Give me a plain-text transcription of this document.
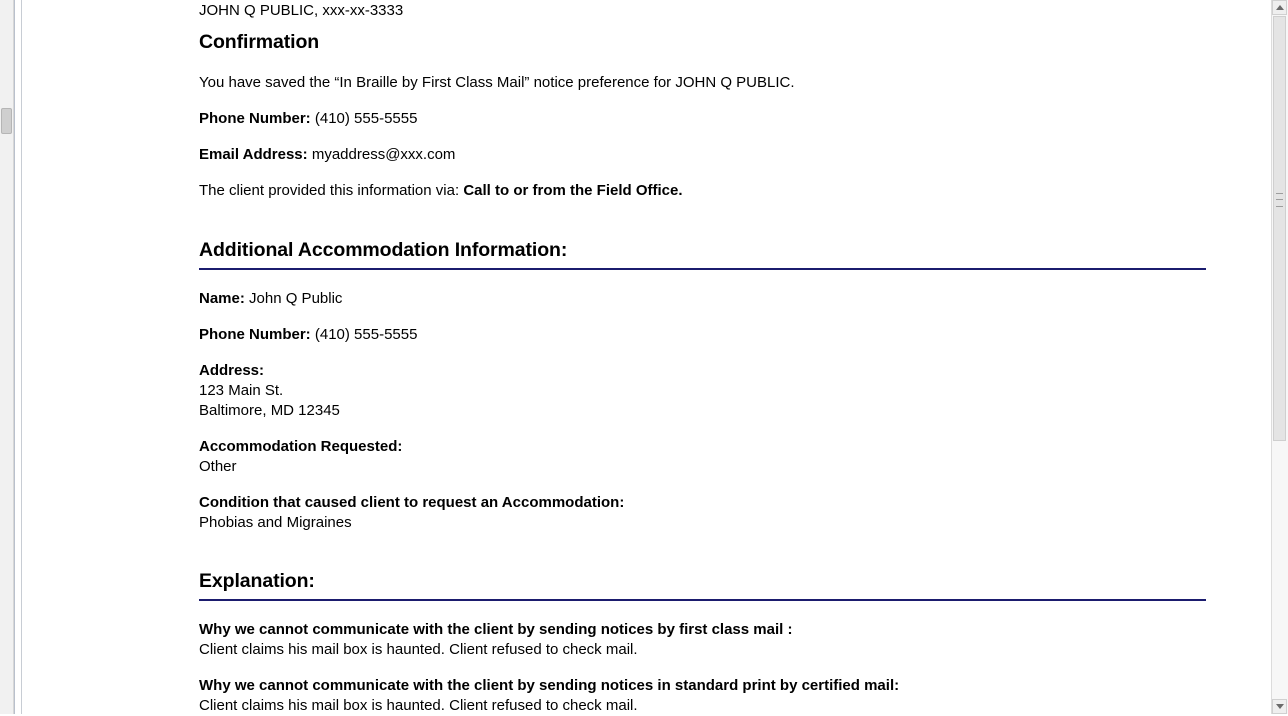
JOHN Q PUBLIC, xxx-xx-3333
Confirmation

You have saved the “In Braille by First Class Mail” notice preference for JOHN Q PUBLIC.

Phone Number: (410) 555-5555

Email Address: myaddress@xxx.com

The client provided this information via: Call to or from the Field Office.

Additional Accommodation Information:
Name: John Q Public
Phone Number: (410) 555-5555
Address:
123 Main St.
Baltimore, MD 12345
Accommodation Requested:
Other
Condition that caused client to request an Accommodation:
Phobias and Migraines
Explanation:
Why we cannot communicate with the client by sending notices by first class mail :
Client claims his mail box is haunted. Client refused to check mail.
Why we cannot communicate with the client by sending notices in standard print by certified mail:
Client claims his mail box is haunted. Client refused to check mail.
